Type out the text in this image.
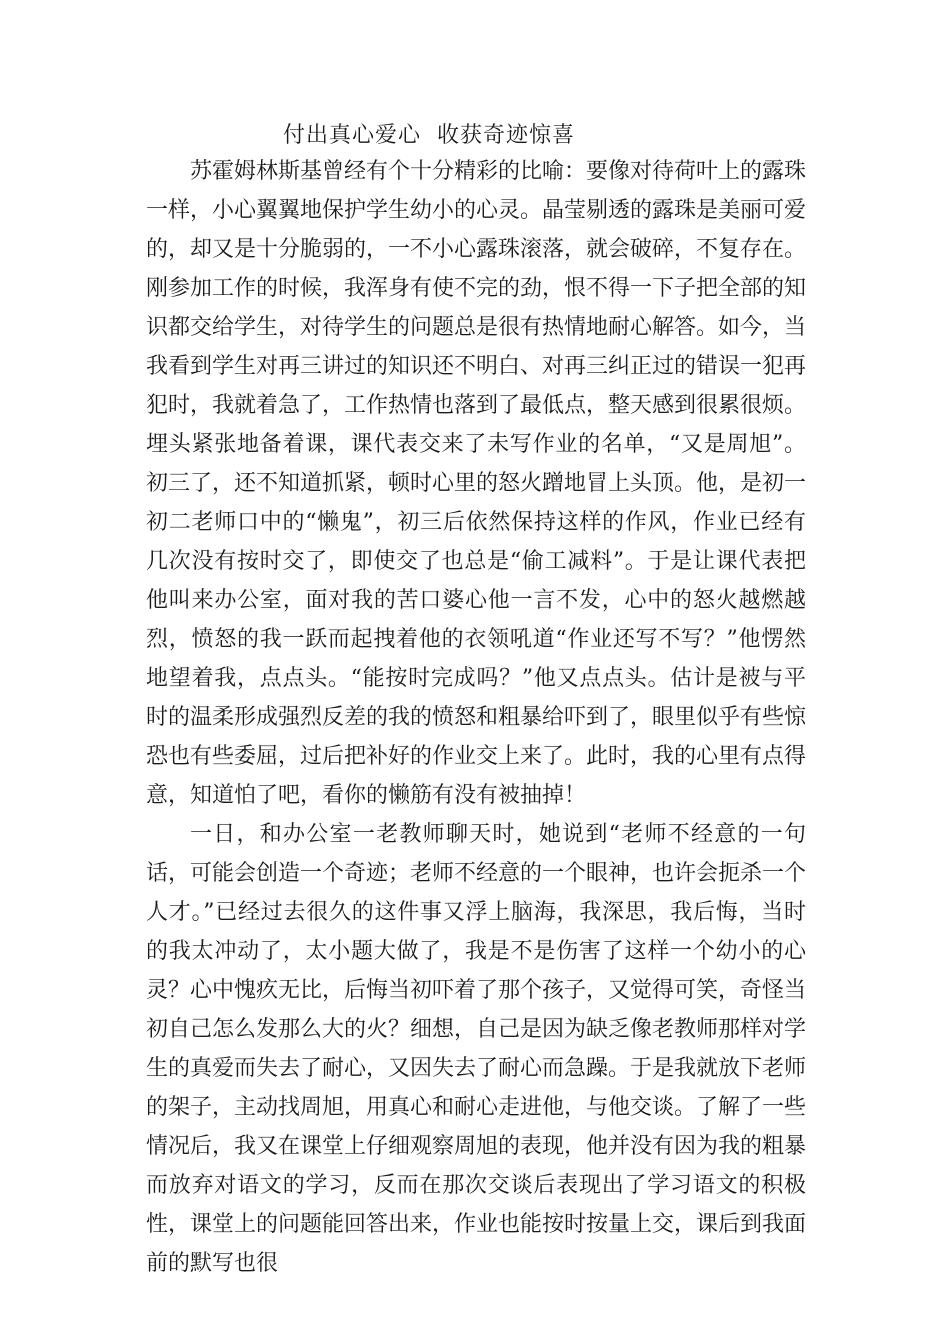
付出真心爱心  收获奇迹惊喜

苏霍姆林斯基曾经有个十分精彩的比喻：要像对待荷叶上的露珠一样，小心翼翼地保护学生幼小的心灵。晶莹剔透的露珠是美丽可爱的，却又是十分脆弱的，一不小心露珠滚落，就会破碎，不复存在。刚参加工作的时候，我浑身有使不完的劲，恨不得一下子把全部的知识都交给学生，对待学生的问题总是很有热情地耐心解答。如今，当我看到学生对再三讲过的知识还不明白、对再三纠正过的错误一犯再犯时，我就着急了，工作热情也落到了最低点，整天感到很累很烦。埋头紧张地备着课，课代表交来了未写作业的名单，“又是周旭”。初三了，还不知道抓紧，顿时心里的怒火蹭地冒上头顶。他，是初一初二老师口中的“懒鬼”，初三后依然保持这样的作风，作业已经有几次没有按时交了，即使交了也总是“偷工减料”。于是让课代表把他叫来办公室，面对我的苦口婆心他一言不发，心中的怒火越燃越烈，愤怒的我一跃而起拽着他的衣领吼道“作业还写不写？”他愣然地望着我，点点头。“能按时完成吗？”他又点点头。估计是被与平时的温柔形成强烈反差的我的愤怒和粗暴给吓到了，眼里似乎有些惊恐也有些委屈，过后把补好的作业交上来了。此时，我的心里有点得意，知道怕了吧，看你的懒筋有没有被抽掉！

一日，和办公室一老教师聊天时，她说到“老师不经意的一句话，可能会创造一个奇迹；老师不经意的一个眼神，也许会扼杀一个人才。”已经过去很久的这件事又浮上脑海，我深思，我后悔，当时的我太冲动了，太小题大做了，我是不是伤害了这样一个幼小的心灵？心中愧疚无比，后悔当初吓着了那个孩子，又觉得可笑，奇怪当初自己怎么发那么大的火？细想，自己是因为缺乏像老教师那样对学生的真爱而失去了耐心，又因失去了耐心而急躁。于是我就放下老师的架子，主动找周旭，用真心和耐心走进他，与他交谈。了解了一些情况后，我又在课堂上仔细观察周旭的表现，他并没有因为我的粗暴而放弃对语文的学习，反而在那次交谈后表现出了学习语文的积极性，课堂上的问题能回答出来，作业也能按时按量上交，课后到我面前的默写也很
